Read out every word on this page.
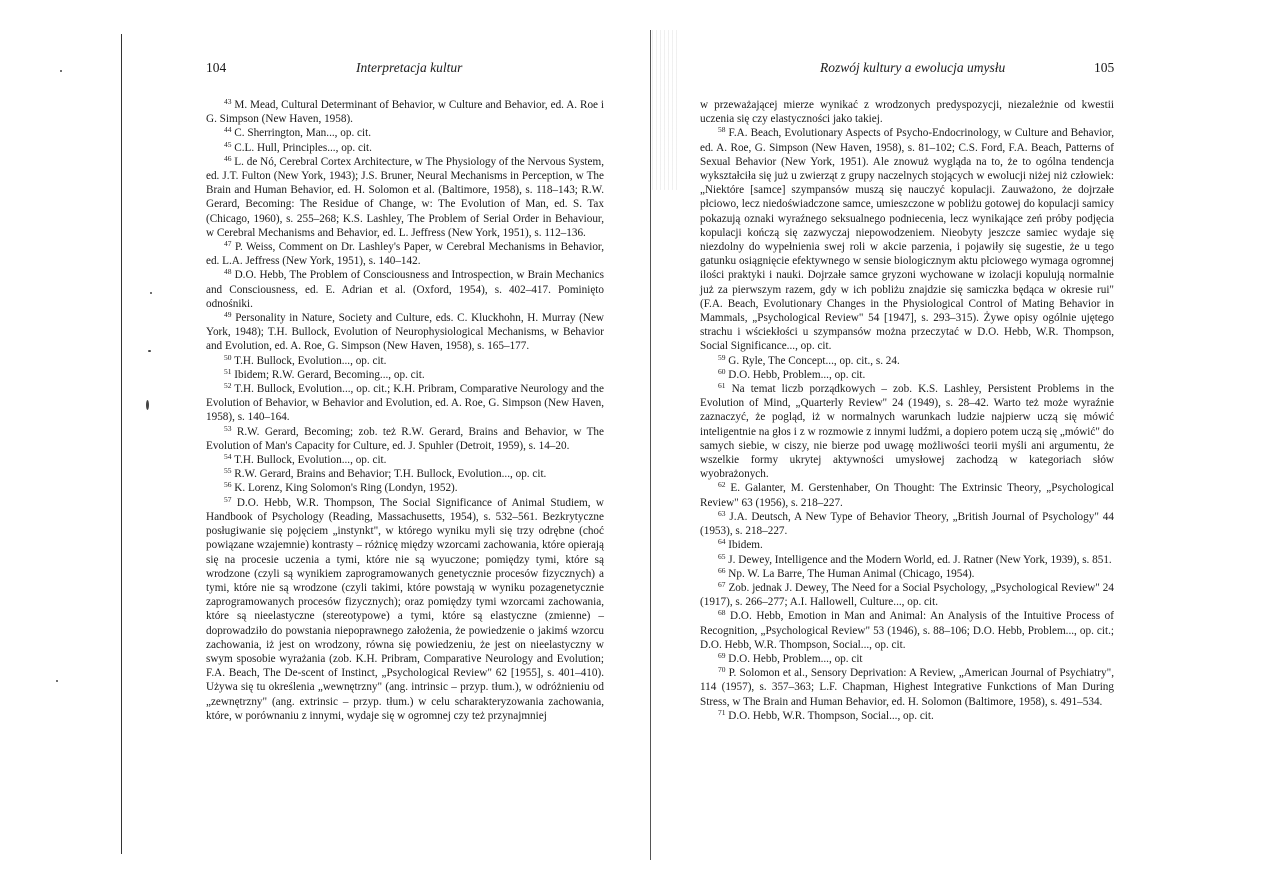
104	Interpretacja kultur

$^{43}$ M. Mead, Cultural Determinant of Behavior, w Culture and Behavior, ed. A. Roe i G. Simpson (New Haven, 1958).

$^{44}$ C. Sherrington, Man..., op. cit.

$^{45}$ C.L. Hull, Principles..., op. cit.

$^{46}$ L. de Nó, Cerebral Cortex Architecture, w The Physiology of the Nervous System, ed. J.T. Fulton (New York, 1943); J.S. Bruner, Neural Mechanisms in Perception, w The Brain and Human Behavior, ed. H. Solomon et al. (Baltimore, 1958), s. 118–143; R.W. Gerard, Becoming: The Residue of Change, w: The Evolution of Man, ed. S. Tax (Chicago, 1960), s. 255–268; K.S. Lashley, The Problem of Serial Order in Behaviour, w Cerebral Mechanisms and Behavior, ed. L. Jeffress (New York, 1951), s. 112–136.

$^{47}$ P. Weiss, Comment on Dr. Lashley's Paper, w Cerebral Mechanisms in Behavior, ed. L.A. Jeffress (New York, 1951), s. 140–142.

$^{48}$ D.O. Hebb, The Problem of Consciousness and Introspection, w Brain Mechanics and Consciousness, ed. E. Adrian et al. (Oxford, 1954), s. 402–417. Pominięto odnośniki.

$^{49}$ Personality in Nature, Society and Culture, eds. C. Kluckhohn, H. Murray (New York, 1948); T.H. Bullock, Evolution of Neurophysiological Mechanisms, w Behavior and Evolution, ed. A. Roe, G. Simpson (New Haven, 1958), s. 165–177.

$^{50}$ T.H. Bullock, Evolution..., op. cit.

$^{51}$ Ibidem; R.W. Gerard, Becoming..., op. cit.

$^{52}$ T.H. Bullock, Evolution..., op. cit.; K.H. Pribram, Comparative Neurology and the Evolution of Behavior, w Behavior and Evolution, ed. A. Roe, G. Simpson (New Haven, 1958), s. 140–164.

$^{53}$ R.W. Gerard, Becoming; zob. też R.W. Gerard, Brains and Behavior, w The Evolution of Man's Capacity for Culture, ed. J. Spuhler (Detroit, 1959), s. 14–20.

$^{54}$ T.H. Bullock, Evolution..., op. cit.

$^{55}$ R.W. Gerard, Brains and Behavior; T.H. Bullock, Evolution..., op. cit.

$^{56}$ K. Lorenz, King Solomon's Ring (Londyn, 1952).

$^{57}$ D.O. Hebb, W.R. Thompson, The Social Significance of Animal Studiem, w Handbook of Psychology (Reading, Massachusetts, 1954), s. 532–561. Bezkrytyczne posługiwanie się pojęciem „instynkt", w którego wyniku myli się trzy odrębne (choć powiązane wzajemnie) kontrasty – różnicę między wzorcami zachowania, które opierają się na procesie uczenia a tymi, które nie są wyuczone; pomiędzy tymi, które są wrodzone (czyli są wynikiem zaprogramowanych genetycznie procesów fizycznych) a tymi, które nie są wrodzone (czyli takimi, które powstają w wyniku pozagenetycznie zaprogramowanych procesów fizycznych); oraz pomiędzy tymi wzorcami zachowania, które są nieelastyczne (stereotypowe) a tymi, które są elastyczne (zmienne) – doprowadziło do powstania niepoprawnego założenia, że powiedzenie o jakimś wzorcu zachowania, iż jest on wrodzony, równa się powiedzeniu, że jest on nieelastyczny w swym sposobie wyrażania (zob. K.H. Pribram, Comparative Neurology and Evolution; F.A. Beach, The De-scent of Instinct, „Psychological Review" 62 [1955], s. 401–410). Używa się tu określenia „wewnętrzny" (ang. intrinsic – przyp. tłum.), w odróżnieniu od „zewnętrzny" (ang. extrinsic – przyp. tłum.) w celu scharakteryzowania zachowania, które, w porównaniu z innymi, wydaje się w ogromnej czy też przynajmniej

Rozwój kultury a ewolucja umysłu	105

w przeważającej mierze wynikać z wrodzonych predyspozycji, niezależnie od kwestii uczenia się czy elastyczności jako takiej.

$^{58}$ F.A. Beach, Evolutionary Aspects of Psycho-Endocrinology, w Culture and Behavior, ed. A. Roe, G. Simpson (New Haven, 1958), s. 81–102; C.S. Ford, F.A. Beach, Patterns of Sexual Behavior (New York, 1951). Ale znowuż wygląda na to, że to ogólna tendencja wykształciła się już u zwierząt z grupy naczelnych stojących w ewolucji niżej niż człowiek: „Niektóre [samce] szympansów muszą się nauczyć kopulacji. Zauważono, że dojrzałe płciowo, lecz niedoświadczone samce, umieszczone w pobliżu gotowej do kopulacji samicy pokazują oznaki wyraźnego seksualnego podniecenia, lecz wynikające zeń próby podjęcia kopulacji kończą się zazwyczaj niepowodzeniem. Nieobyty jeszcze samiec wydaje się niezdolny do wypełnienia swej roli w akcie parzenia, i pojawiły się sugestie, że u tego gatunku osiągnięcie efektywnego w sensie biologicznym aktu płciowego wymaga ogromnej ilości praktyki i nauki. Dojrzałe samce gryzoni wychowane w izolacji kopulują normalnie już za pierwszym razem, gdy w ich pobliżu znajdzie się samiczka będąca w okresie rui" (F.A. Beach, Evolutionary Changes in the Physiological Control of Mating Behavior in Mammals, „Psychological Review" 54 [1947], s. 293–315). Żywe opisy ogólnie ujętego strachu i wściekłości u szympansów można przeczytać w D.O. Hebb, W.R. Thompson, Social Significance..., op. cit.

$^{59}$ G. Ryle, The Concept..., op. cit., s. 24.

$^{60}$ D.O. Hebb, Problem..., op. cit.

$^{61}$ Na temat liczb porządkowych – zob. K.S. Lashley, Persistent Problems in the Evolution of Mind, „Quarterly Review" 24 (1949), s. 28–42. Warto też może wyraźnie zaznaczyć, że pogląd, iż w normalnych warunkach ludzie najpierw uczą się mówić inteligentnie na głos i z w rozmowie z innymi ludźmi, a dopiero potem uczą się „mówić" do samych siebie, w ciszy, nie bierze pod uwagę możliwości teorii myśli ani argumentu, że wszelkie formy ukrytej aktywności umysłowej zachodzą w kategoriach słów wyobrażonych.

$^{62}$ E. Galanter, M. Gerstenhaber, On Thought: The Extrinsic Theory, „Psychological Review" 63 (1956), s. 218–227.

$^{63}$ J.A. Deutsch, A New Type of Behavior Theory, „British Journal of Psychology" 44 (1953), s. 218–227.

$^{64}$ Ibidem.

$^{65}$ J. Dewey, Intelligence and the Modern World, ed. J. Ratner (New York, 1939), s. 851.

$^{66}$ Np. W. La Barre, The Human Animal (Chicago, 1954).

$^{67}$ Zob. jednak J. Dewey, The Need for a Social Psychology, „Psychological Review" 24 (1917), s. 266–277; A.I. Hallowell, Culture..., op. cit.

$^{68}$ D.O. Hebb, Emotion in Man and Animal: An Analysis of the Intuitive Process of Recognition, „Psychological Review" 53 (1946), s. 88–106; D.O. Hebb, Problem..., op. cit.; D.O. Hebb, W.R. Thompson, Social..., op. cit.

$^{69}$ D.O. Hebb, Problem..., op. cit

$^{70}$ P. Solomon et al., Sensory Deprivation: A Review, „American Journal of Psychiatry", 114 (1957), s. 357–363; L.F. Chapman, Highest Integrative Funkctions of Man During Stress, w The Brain and Human Behavior, ed. H. Solomon (Baltimore, 1958), s. 491–534.

$^{71}$ D.O. Hebb, W.R. Thompson, Social..., op. cit.
